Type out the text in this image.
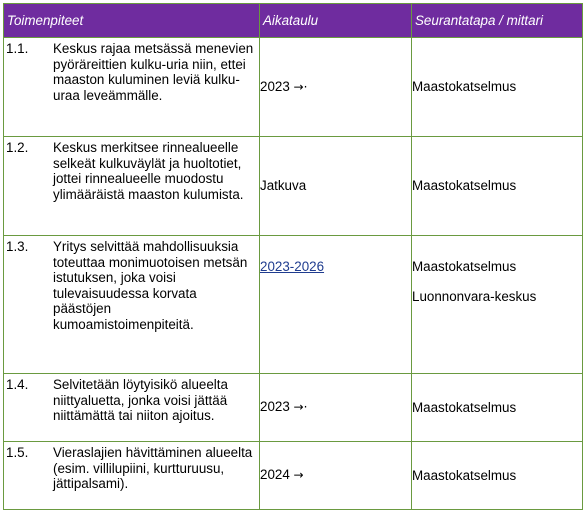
Toimenpiteet	Aikataulu	Seurantatapa / mittari

1.1. Keskus rajaa metsässä menevien pyöräreittien kulku-uria niin, ettei maaston kuluminen leviä kulku-uraa leveämmälle.	2023 →·	Maastokatselmus

1.2. Keskus merkitsee rinnealueelle selkeät kulkuväylät ja huoltotiet, jottei rinnealueelle muodostu ylimääräistä maaston kulumista.	Jatkuva	Maastokatselmus

1.3. Yritys selvittää mahdollisuuksia toteuttaa monimuotoisen metsän istutuksen, joka voisi tulevaisuudessa korvata päästöjen kumoamistoimenpiteitä.	2023-2026	Maastokatselmus
Luonnonvara-keskus

1.4. Selvitetään löytyisikö alueelta niittyaluetta, jonka voisi jättää niittämättä tai niiton ajoitus.	2023 →·	Maastokatselmus

1.5. Vieraslajien hävittäminen alueelta (esim. villilupiini, kurtturuusu, jättipalsami).	2024 →	Maastokatselmus
